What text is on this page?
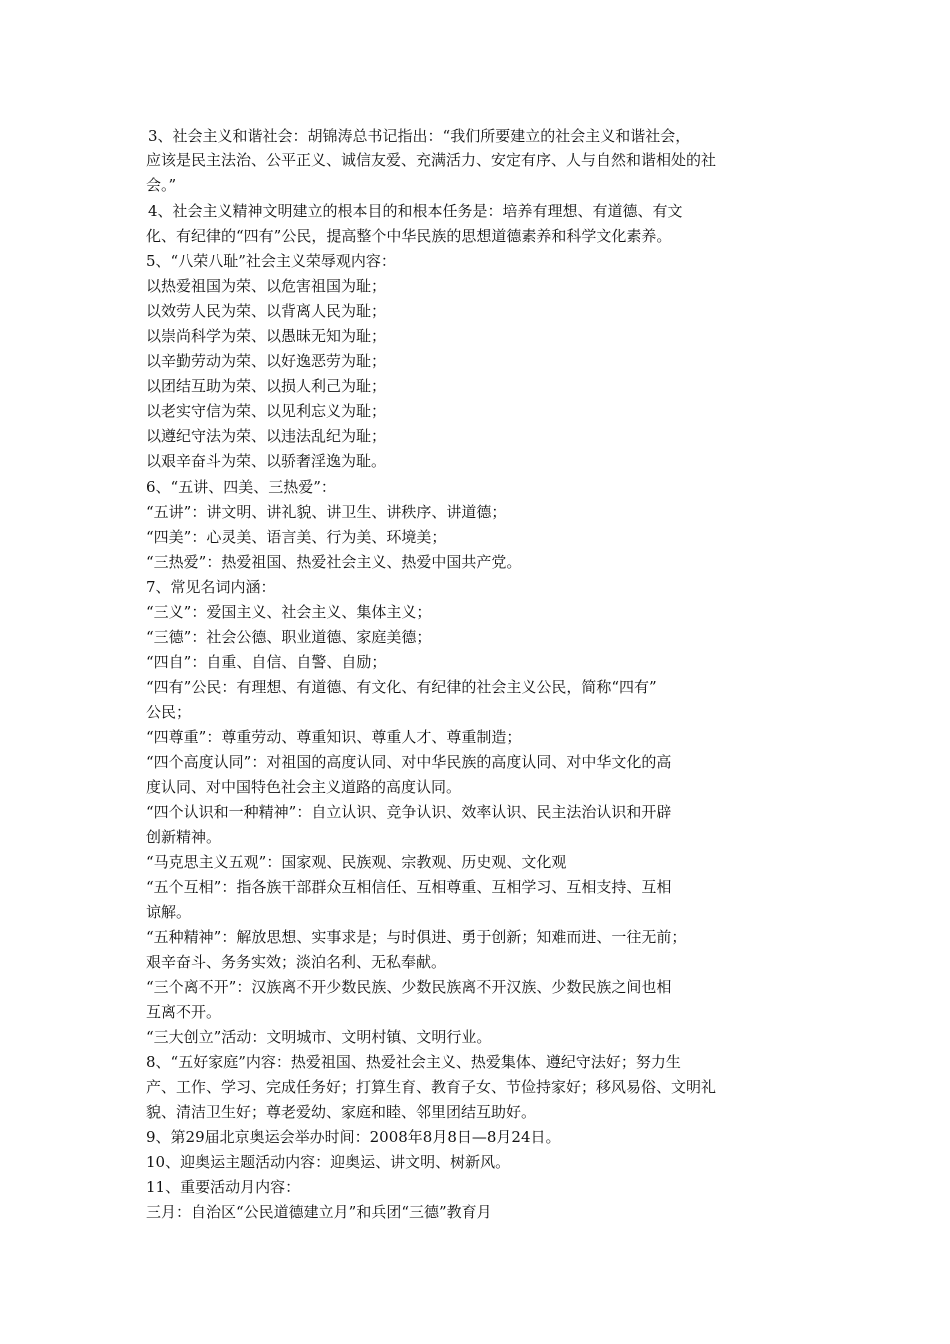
3、社会主义和谐社会：胡锦涛总书记指出：“我们所要建立的社会主义和谐社会，
应该是民主法治、公平正义、诚信友爱、充满活力、安定有序、人与自然和谐相处的社
会。”
4、社会主义精神文明建立的根本目的和根本任务是：培养有理想、有道德、有文
化、有纪律的“四有”公民，提高整个中华民族的思想道德素养和科学文化素养。
5、“八荣八耻”社会主义荣辱观内容：
以热爱祖国为荣、以危害祖国为耻；
以效劳人民为荣、以背离人民为耻；
以崇尚科学为荣、以愚昧无知为耻；
以辛勤劳动为荣、以好逸恶劳为耻；
以团结互助为荣、以损人利己为耻；
以老实守信为荣、以见利忘义为耻；
以遵纪守法为荣、以违法乱纪为耻；
以艰辛奋斗为荣、以骄奢淫逸为耻。
6、“五讲、四美、三热爱”：
“五讲”：讲文明、讲礼貌、讲卫生、讲秩序、讲道德；
“四美”：心灵美、语言美、行为美、环境美；
“三热爱”：热爱祖国、热爱社会主义、热爱中国共产党。
7、常见名词内涵：
“三义”：爱国主义、社会主义、集体主义；
“三德”：社会公德、职业道德、家庭美德；
“四自”：自重、自信、自警、自励；
“四有”公民：有理想、有道德、有文化、有纪律的社会主义公民，简称“四有”
公民；
“四尊重”：尊重劳动、尊重知识、尊重人才、尊重制造；
“四个高度认同”：对祖国的高度认同、对中华民族的高度认同、对中华文化的高
度认同、对中国特色社会主义道路的高度认同。
“四个认识和一种精神”：自立认识、竞争认识、效率认识、民主法治认识和开辟
创新精神。
“马克思主义五观”：国家观、民族观、宗教观、历史观、文化观
“五个互相”：指各族干部群众互相信任、互相尊重、互相学习、互相支持、互相
谅解。
“五种精神”：解放思想、实事求是；与时俱进、勇于创新；知难而进、一往无前；
艰辛奋斗、务务实效；淡泊名利、无私奉献。
“三个离不开”：汉族离不开少数民族、少数民族离不开汉族、少数民族之间也相
互离不开。
“三大创立”活动：文明城市、文明村镇、文明行业。
8、“五好家庭”内容：热爱祖国、热爱社会主义、热爱集体、遵纪守法好；努力生
产、工作、学习、完成任务好；打算生育、教育子女、节俭持家好；移风易俗、文明礼
貌、清洁卫生好；尊老爱幼、家庭和睦、邻里团结互助好。
9、第29届北京奥运会举办时间：2008年8月8日—8月24日。
10、迎奥运主题活动内容：迎奥运、讲文明、树新风。
11、重要活动月内容：
三月：自治区“公民道德建立月”和兵团“三德”教育月
